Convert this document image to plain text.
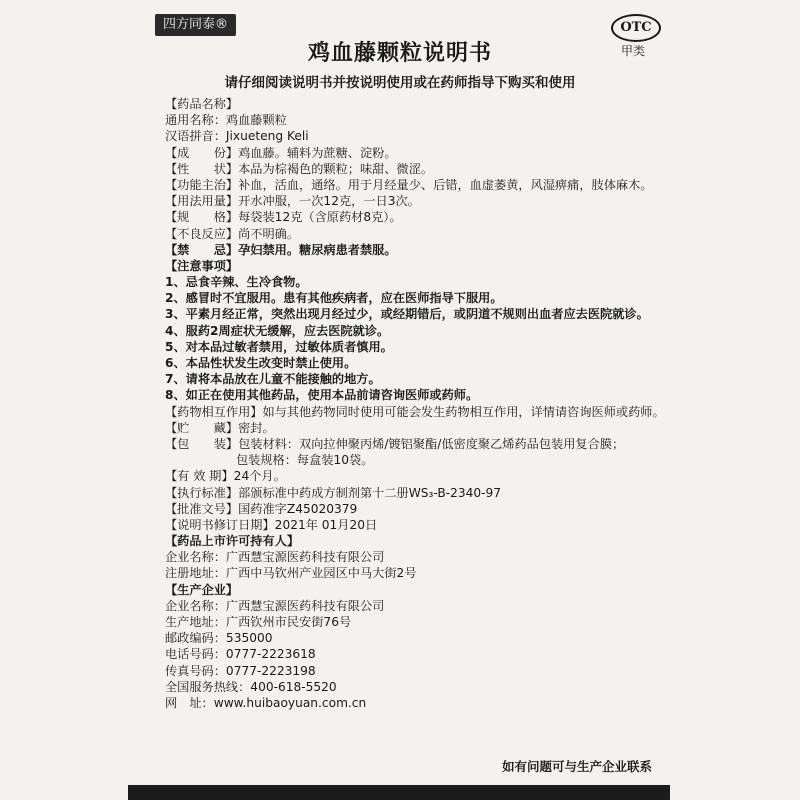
四方同泰®	OTC
甲类
鸡血藤颗粒说明书
请仔细阅读说明书并按说明使用或在药师指导下购买和使用
【药品名称】
通用名称：鸡血藤颗粒
汉语拼音：Jixueteng Keli
【成　　份】鸡血藤。辅料为蔗糖、淀粉。
【性　　状】本品为棕褐色的颗粒；味甜、微涩。
【功能主治】补血，活血，通络。用于月经量少、后错，血虚萎黄，风湿痹痛，肢体麻木。
【用法用量】开水冲服，一次12克，一日3次。
【规　　格】每袋装12克（含原药材8克）。
【不良反应】尚不明确。
【禁　　忌】孕妇禁用。糖尿病患者禁服。
【注意事项】
1、忌食辛辣、生冷食物。
2、感冒时不宜服用。患有其他疾病者，应在医师指导下服用。
3、平素月经正常，突然出现月经过少，或经期错后，或阴道不规则出血者应去医院就诊。
4、服药2周症状无缓解，应去医院就诊。
5、对本品过敏者禁用，过敏体质者慎用。
6、本品性状发生改变时禁止使用。
7、请将本品放在儿童不能接触的地方。
8、如正在使用其他药品，使用本品前请咨询医师或药师。
【药物相互作用】如与其他药物同时使用可能会发生药物相互作用，详情请咨询医师或药师。
【贮　　藏】密封。
【包　　装】包装材料：双向拉伸聚丙烯/镀铝聚酯/低密度聚乙烯药品包装用复合膜；
包装规格：每盒装10袋。
【有 效 期】24个月。
【执行标准】部颁标准中药成方制剂第十二册WS₃-B-2340-97
【批准文号】国药准字Z45020379
【说明书修订日期】2021年 01月20日
【药品上市许可持有人】
企业名称：广西慧宝源医药科技有限公司
注册地址：广西中马钦州产业园区中马大街2号
【生产企业】
企业名称：广西慧宝源医药科技有限公司
生产地址：广西钦州市民安街76号
邮政编码：535000
电话号码：0777-2223618
传真号码：0777-2223198
全国服务热线：400-618-5520
网　址：www.huibaoyuan.com.cn
如有问题可与生产企业联系
